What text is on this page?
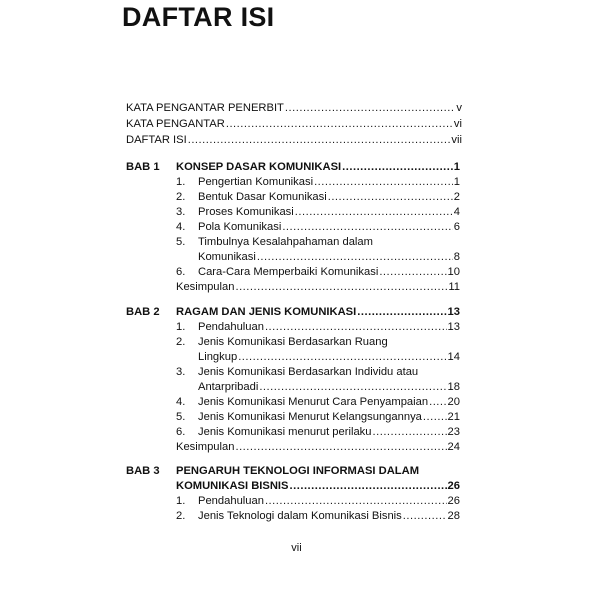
DAFTAR ISI
KATA PENGANTAR PENERBIT .....	v
KATA PENGANTAR .....	vi
DAFTAR ISI .....	vii
BAB 1 KONSEP DASAR KOMUNIKASI .....	1
1. Pengertian Komunikasi .....	1
2. Bentuk Dasar Komunikasi .....	2
3. Proses Komunikasi .....	4
4. Pola Komunikasi .....	6
5. Timbulnya Kesalahpahaman dalam
Komunikasi .....	8
6. Cara-Cara Memperbaiki Komunikasi .....	10
Kesimpulan .....	11
BAB 2 RAGAM DAN JENIS KOMUNIKASI .....	13
1. Pendahuluan .....	13
2. Jenis Komunikasi Berdasarkan Ruang
Lingkup .....	14
3. Jenis Komunikasi Berdasarkan Individu atau
Antarpribadi .....	18
4. Jenis Komunikasi Menurut Cara Penyampaian ..... 20
5. Jenis Komunikasi Menurut Kelangsungannya ..... 21
6. Jenis Komunikasi menurut perilaku .....	23
Kesimpulan .....	24
BAB 3 PENGARUH TEKNOLOGI INFORMASI DALAM
KOMUNIKASI BISNIS .....	26
1. Pendahuluan .....	26
2. Jenis Teknologi dalam Komunikasi Bisnis .....	28
vii
